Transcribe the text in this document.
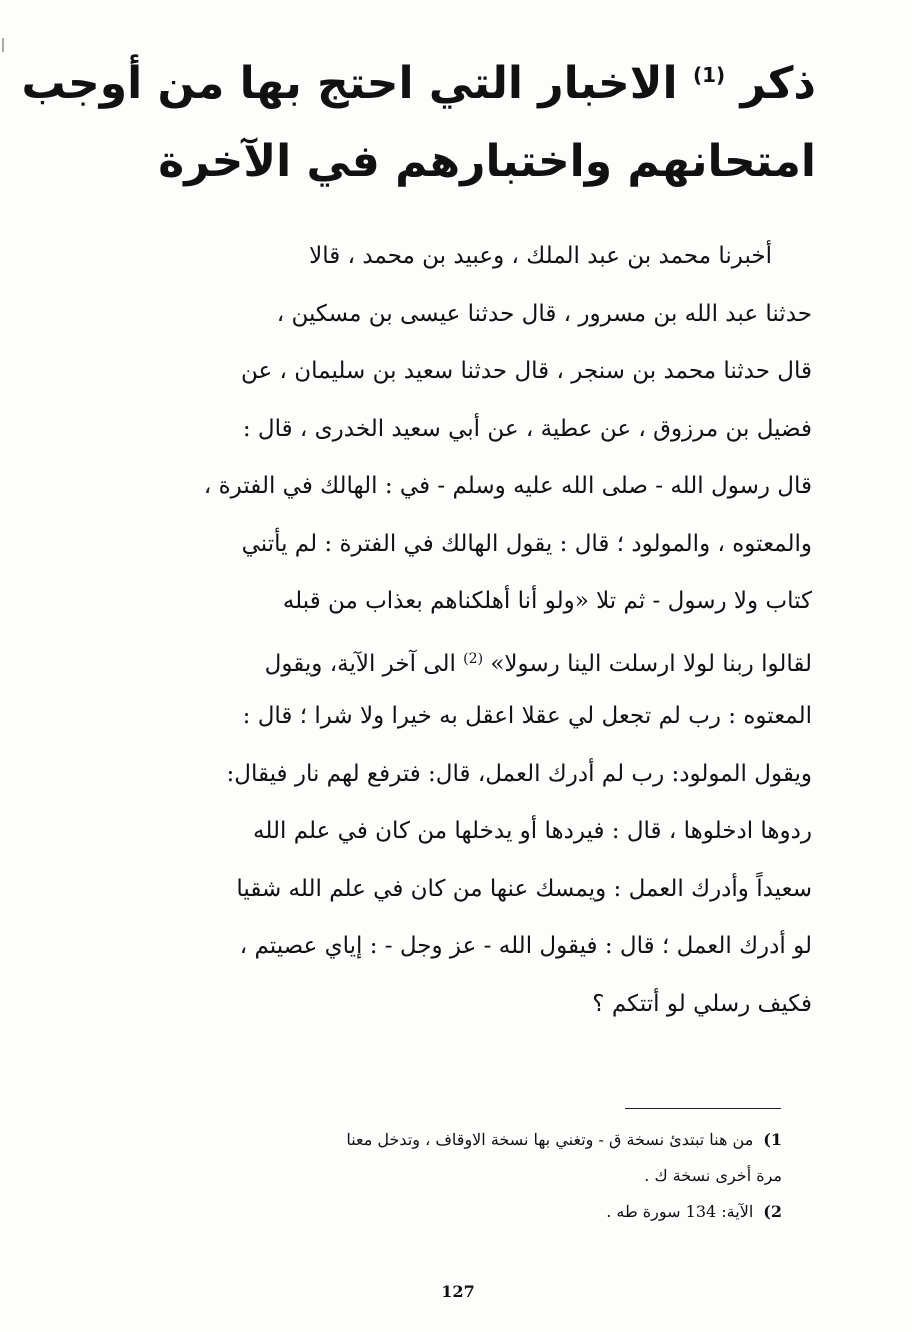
ذكر $^{(1)}$ الاخبار التي احتج بها من أوجب
امتحانهم واختبارهم في الآخرة
أخبرنا محمد بن عبد الملك ، وعبيد بن محمد ، قالا
حدثنا عبد الله بن مسرور ، قال حدثنا عيسى بن مسكين ،
قال حدثنا محمد بن سنجر ، قال حدثنا سعيد بن سليمان ، عن
فضيل بن مرزوق ، عن عطية ، عن أبي سعيد الخدرى ، قال :
قال رسول الله - صلى الله عليه وسلم - في : الهالك في الفترة ،
والمعتوه ، والمولود ؛ قال : يقول الهالك في الفترة : لم يأتني
كتاب ولا رسول - ثم تلا «ولو أنا أهلكناهم بعذاب من قبله
لقالوا ربنا لولا ارسلت الينا رسولا» $^{(2)}$ الى آخر الآية، ويقول
المعتوه : رب لم تجعل لي عقلا اعقل به خيرا ولا شرا ؛ قال :
ويقول المولود: رب لم أدرك العمل، قال: فترفع لهم نار فيقال:
ردوها ادخلوها ، قال : فيردها أو يدخلها من كان في علم الله
سعيداً وأدرك العمل : ويمسك عنها من كان في علم الله شقيا
لو أدرك العمل ؛ قال : فيقول الله - عز وجل - : إياي عصيتم ،
فكيف رسلي لو أتتكم ؟
1)من هنا تبتدئ نسخة ق - وتغني بها نسخة الاوقاف ، وتدخل معنا
مرة أخرى نسخة ك .
2)الآية: 134 سورة طه .
127
